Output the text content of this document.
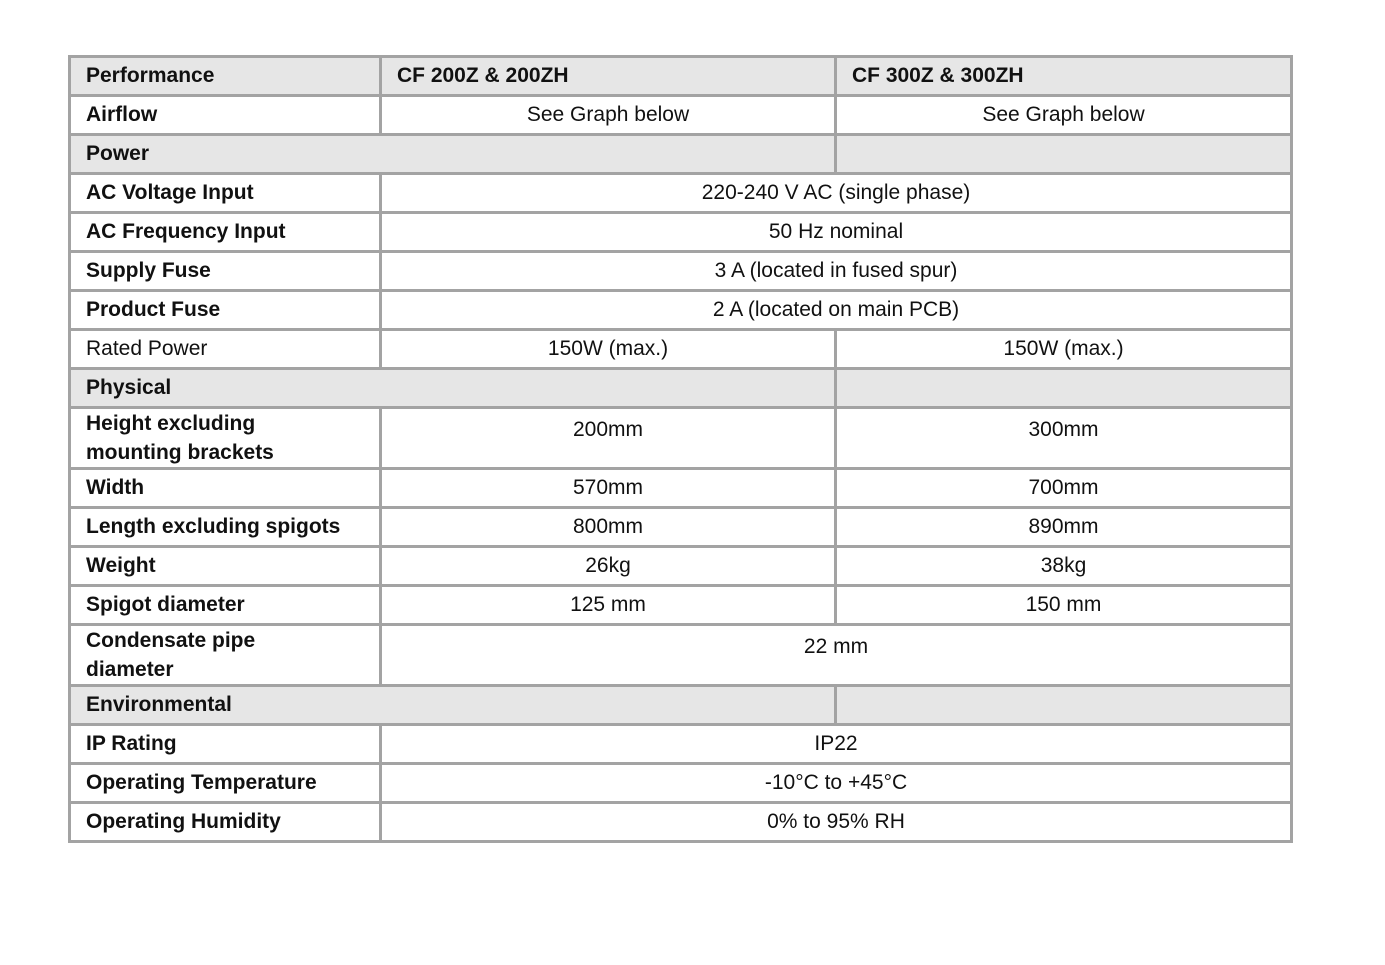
Performance	CF 200Z & 200ZH	CF 300Z & 300ZH
Airflow	See Graph below	See Graph below
Power		
AC Voltage Input	220-240 V AC (single phase)	
AC Frequency Input	50 Hz nominal	
Supply Fuse	3 A (located in fused spur)	
Product Fuse	2 A (located on main PCB)	
Rated Power	150W (max.)	150W (max.)
Physical		
Height excluding
mounting brackets	200mm	300mm
Width	570mm	700mm
Length excluding spigots	800mm	890mm
Weight	26kg	38kg
Spigot diameter	125 mm	150 mm
Condensate pipe
diameter	22 mm	
Environmental		
IP Rating	IP22	
Operating Temperature	-10°C to +45°C	
Operating Humidity	0% to 95% RH	
